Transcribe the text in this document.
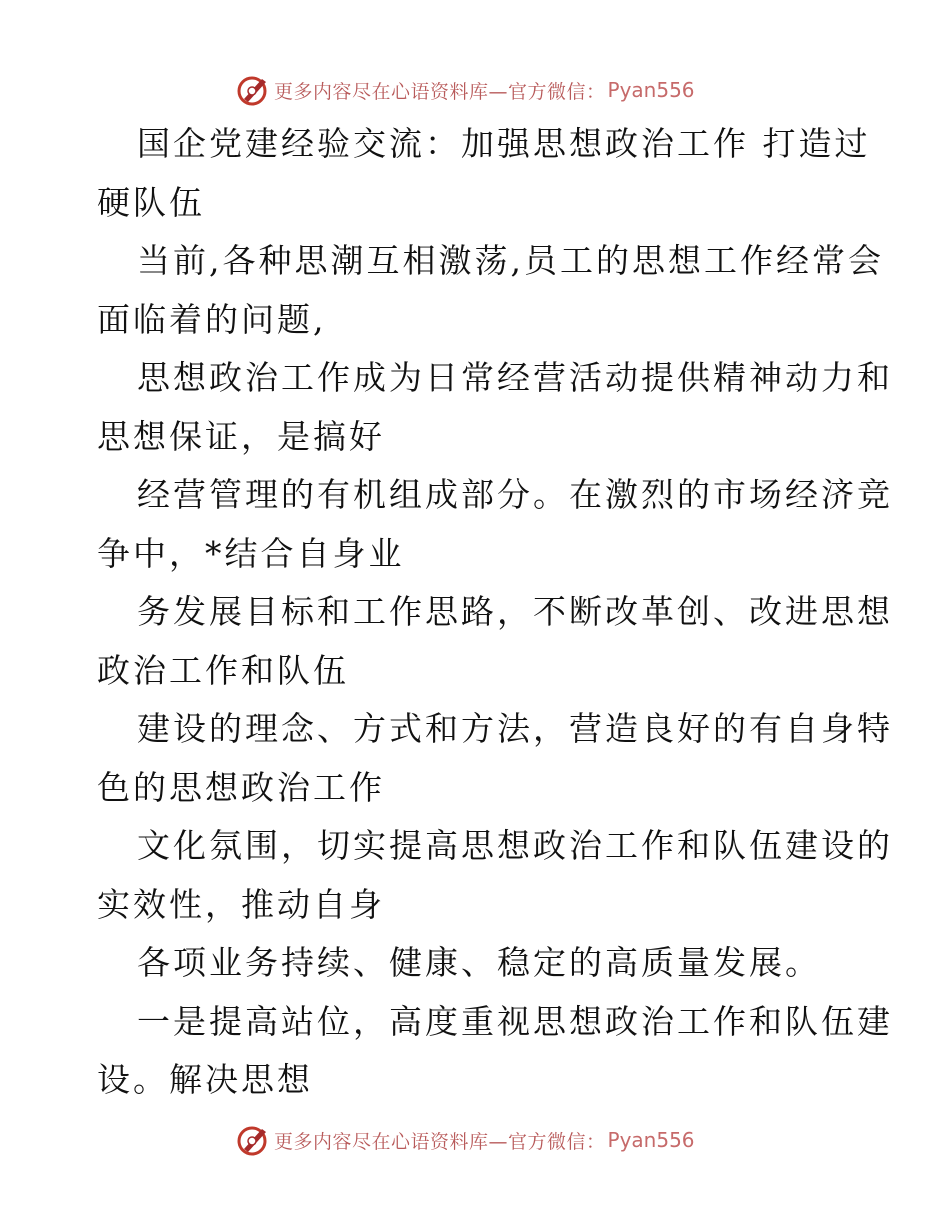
更多内容尽在心语资料库—官方微信： Pyan556

国企党建经验交流：加强思想政治工作 打造过
硬队伍

当前,各种思潮互相激荡,员工的思想工作经常会
面临着的问题,

思想政治工作成为日常经营活动提供精神动力和
思想保证，是搞好

经营管理的有机组成部分。在激烈的市场经济竞
争中，*结合自身业

务发展目标和工作思路，不断改革创、改进思想
政治工作和队伍

建设的理念、方式和方法，营造良好的有自身特
色的思想政治工作

文化氛围，切实提高思想政治工作和队伍建设的
实效性，推动自身

各项业务持续、健康、稳定的高质量发展。

一是提高站位，高度重视思想政治工作和队伍建
设。解决思想

更多内容尽在心语资料库—官方微信： Pyan556
